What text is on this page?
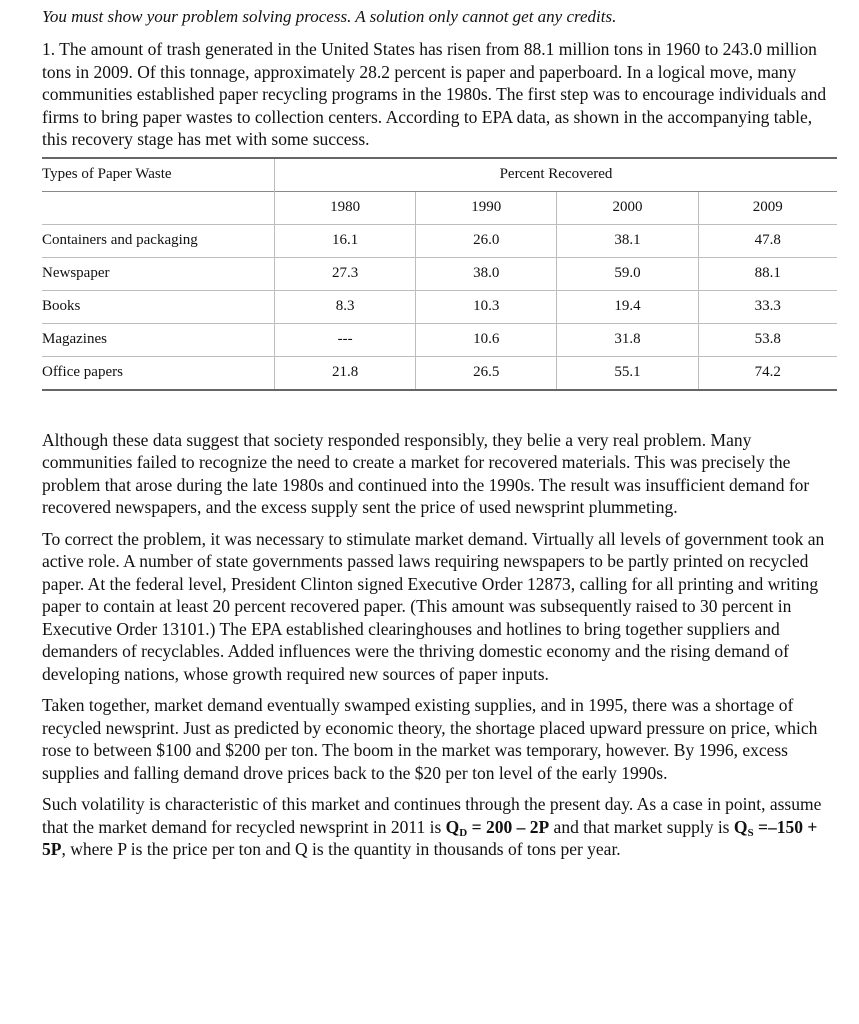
You must show your problem solving process. A solution only cannot get any credits.

1. The amount of trash generated in the United States has risen from 88.1 million tons in 1960 to 243.0 million tons in 2009. Of this tonnage, approximately 28.2 percent is paper and paperboard. In a logical move, many communities established paper recycling programs in the 1980s. The first step was to encourage individuals and firms to bring paper wastes to collection centers. According to EPA data, as shown in the accompanying table, this recovery stage has met with some success.

Types of Paper Waste	Percent Recovered			
	1980	1990	2000	2009
Containers and packaging	16.1	26.0	38.1	47.8
Newspaper	27.3	38.0	59.0	88.1
Books	8.3	10.3	19.4	33.3
Magazines	---	10.6	31.8	53.8
Office papers	21.8	26.5	55.1	74.2

Although these data suggest that society responded responsibly, they belie a very real problem. Many communities failed to recognize the need to create a market for recovered materials. This was precisely the problem that arose during the late 1980s and continued into the 1990s. The result was insufficient demand for recovered newspapers, and the excess supply sent the price of used newsprint plummeting.

To correct the problem, it was necessary to stimulate market demand. Virtually all levels of government took an active role. A number of state governments passed laws requiring newspapers to be partly printed on recycled paper. At the federal level, President Clinton signed Executive Order 12873, calling for all printing and writing paper to contain at least 20 percent recovered paper. (This amount was subsequently raised to 30 percent in Executive Order 13101.) The EPA established clearinghouses and hotlines to bring together suppliers and demanders of recyclables. Added influences were the thriving domestic economy and the rising demand of developing nations, whose growth required new sources of paper inputs.

Taken together, market demand eventually swamped existing supplies, and in 1995, there was a shortage of recycled newsprint. Just as predicted by economic theory, the shortage placed upward pressure on price, which rose to between $100 and $200 per ton. The boom in the market was temporary, however. By 1996, excess supplies and falling demand drove prices back to the $20 per ton level of the early 1990s.

Such volatility is characteristic of this market and continues through the present day. As a case in point, assume that the market demand for recycled newsprint in 2011 is $Q_D = 200 - 2P$ and that market supply is $Q_S =-150 + 5P$, where P is the price per ton and Q is the quantity in thousands of tons per year.
